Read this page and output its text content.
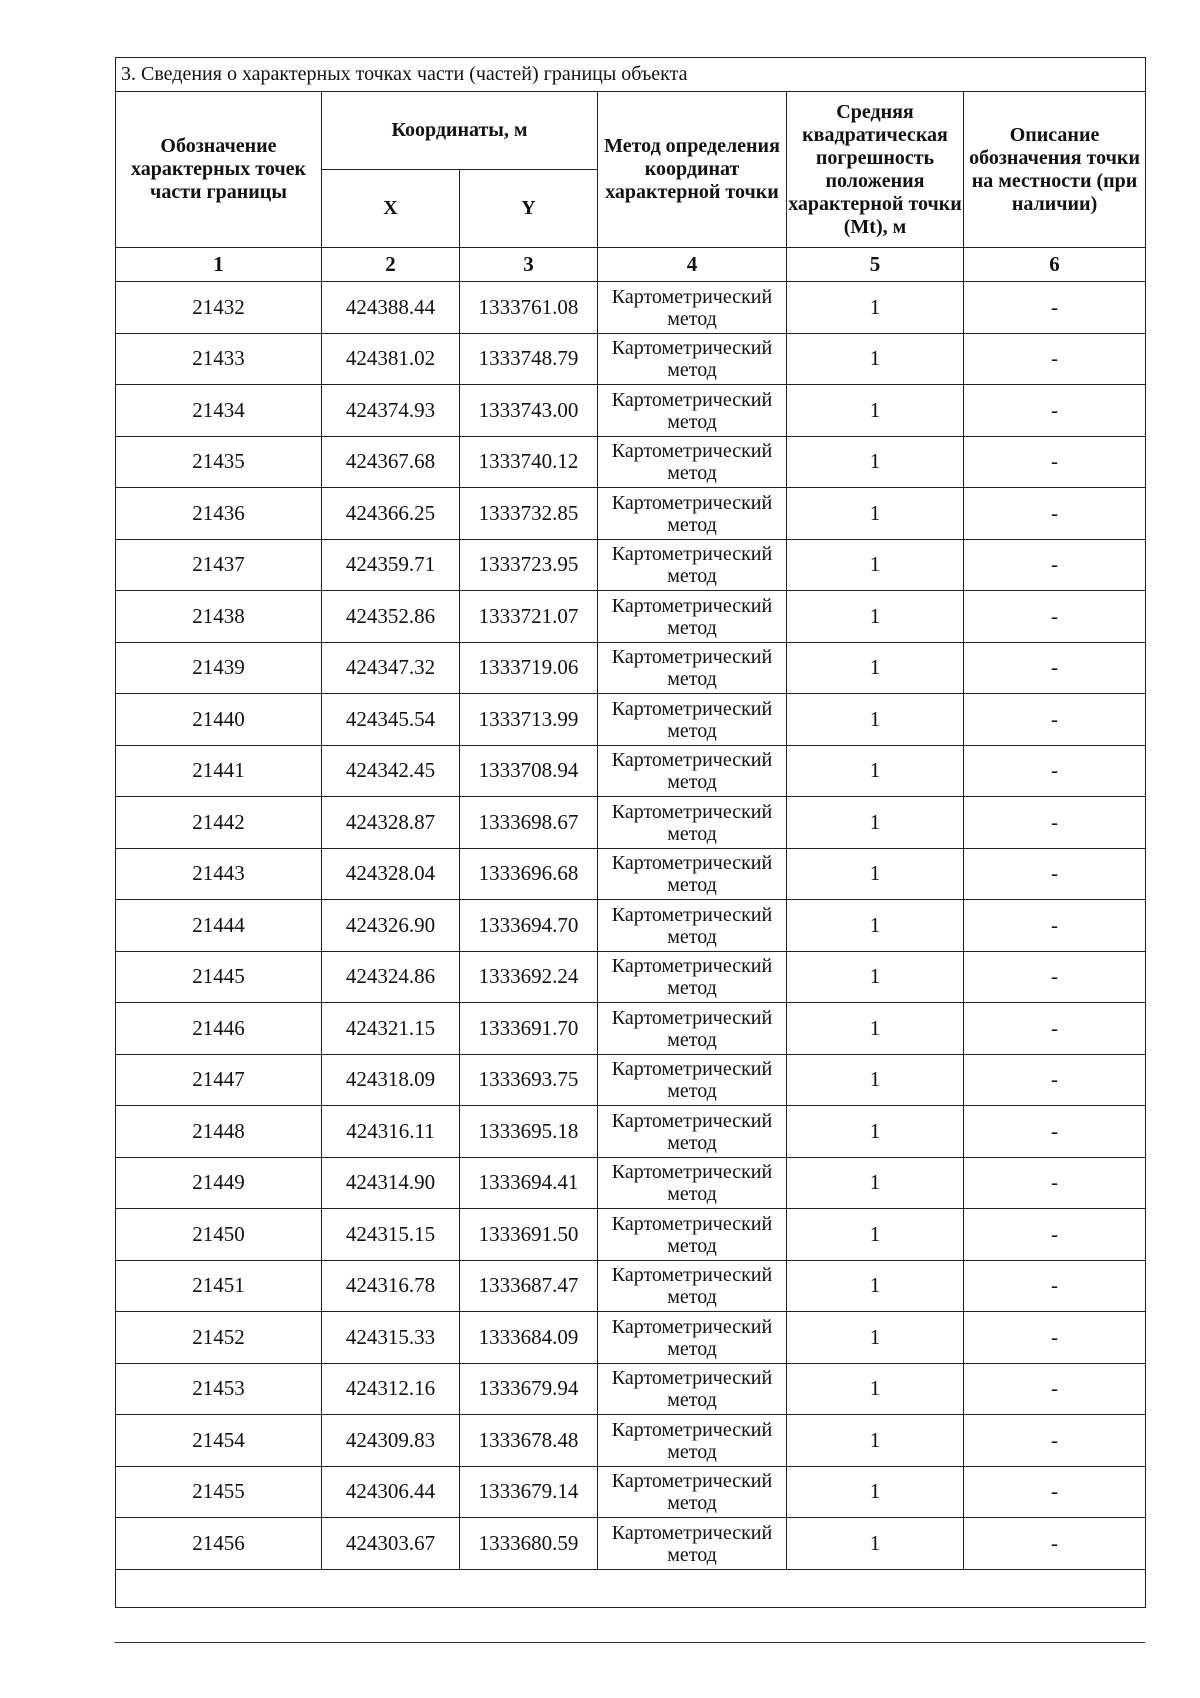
3. Сведения о характерных точках части (частей) границы объекта					
Обозначение характерных точек части границы	Координаты, м		Метод определения координат характерной точки	Средняя квадратическая погрешность положения характерной точки (Mt), м	Описание обозначения точки на местности (при наличии)
	X	Y			
1	2	3	4	5	6
21432	424388.44	1333761.08	Картометрический метод	1	-
21433	424381.02	1333748.79	Картометрический метод	1	-
21434	424374.93	1333743.00	Картометрический метод	1	-
21435	424367.68	1333740.12	Картометрический метод	1	-
21436	424366.25	1333732.85	Картометрический метод	1	-
21437	424359.71	1333723.95	Картометрический метод	1	-
21438	424352.86	1333721.07	Картометрический метод	1	-
21439	424347.32	1333719.06	Картометрический метод	1	-
21440	424345.54	1333713.99	Картометрический метод	1	-
21441	424342.45	1333708.94	Картометрический метод	1	-
21442	424328.87	1333698.67	Картометрический метод	1	-
21443	424328.04	1333696.68	Картометрический метод	1	-
21444	424326.90	1333694.70	Картометрический метод	1	-
21445	424324.86	1333692.24	Картометрический метод	1	-
21446	424321.15	1333691.70	Картометрический метод	1	-
21447	424318.09	1333693.75	Картометрический метод	1	-
21448	424316.11	1333695.18	Картометрический метод	1	-
21449	424314.90	1333694.41	Картометрический метод	1	-
21450	424315.15	1333691.50	Картометрический метод	1	-
21451	424316.78	1333687.47	Картометрический метод	1	-
21452	424315.33	1333684.09	Картометрический метод	1	-
21453	424312.16	1333679.94	Картометрический метод	1	-
21454	424309.83	1333678.48	Картометрический метод	1	-
21455	424306.44	1333679.14	Картометрический метод	1	-
21456	424303.67	1333680.59	Картометрический метод	1	-
